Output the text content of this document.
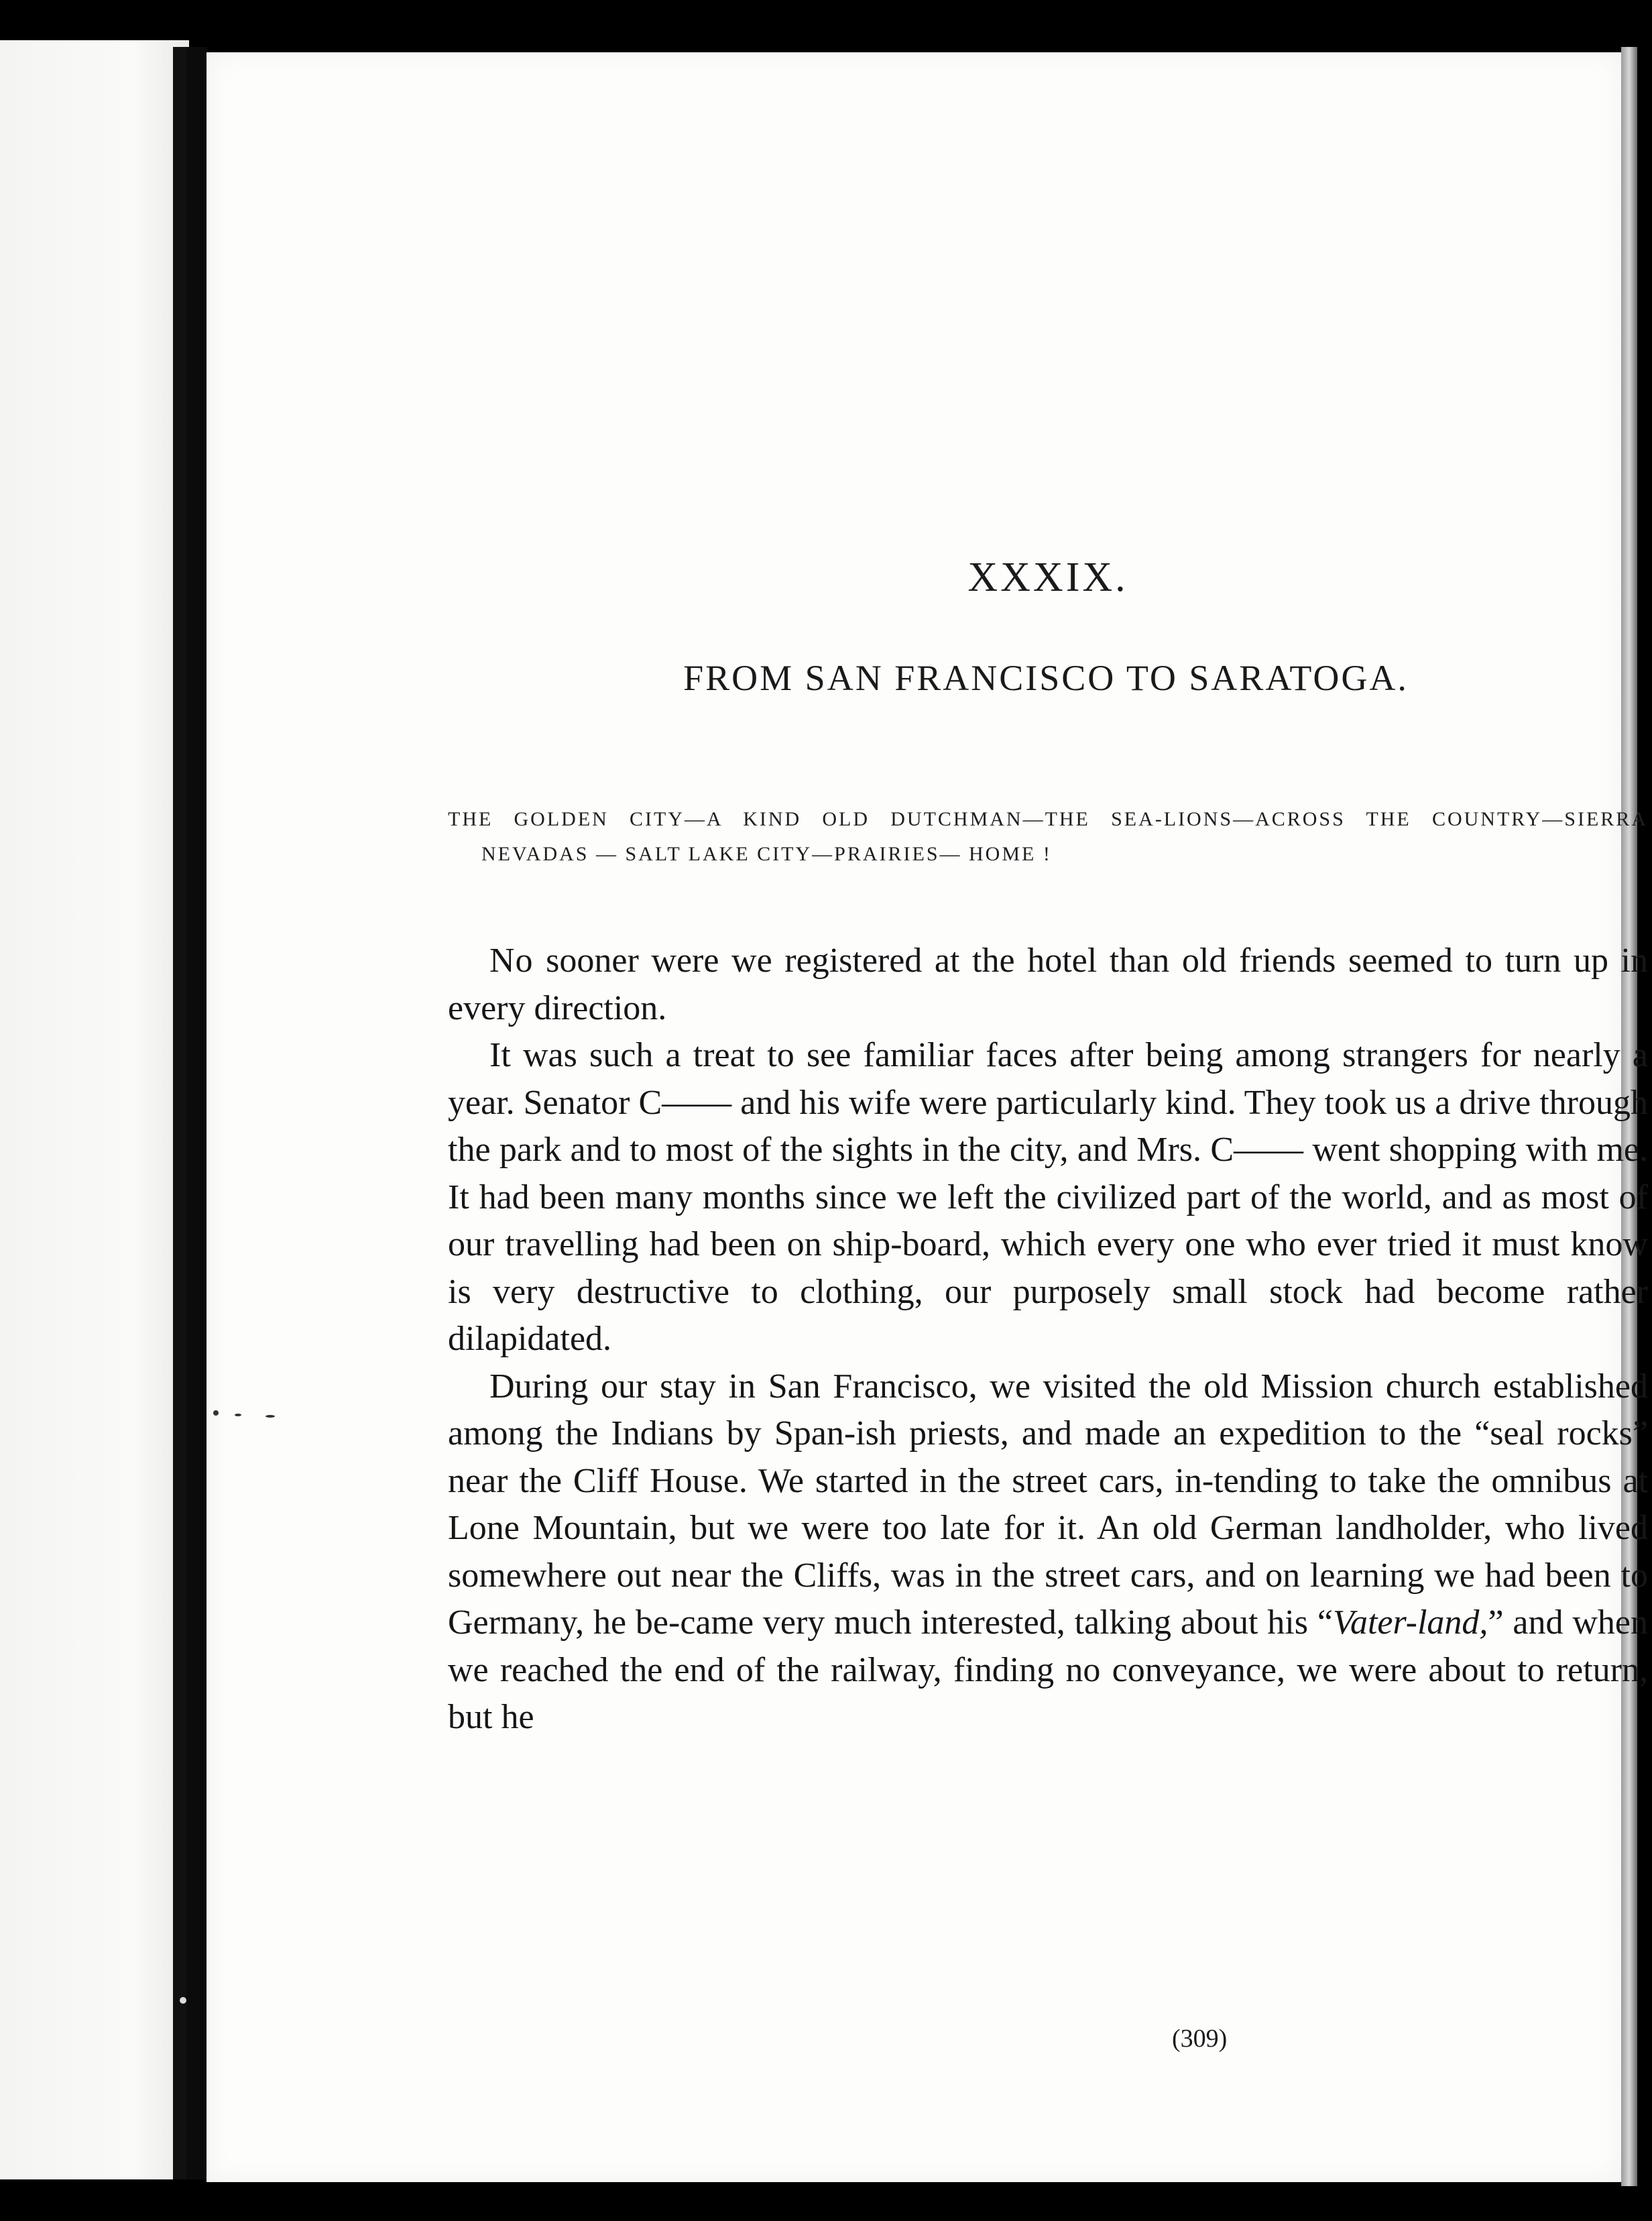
XXXIX.
FROM SAN FRANCISCO TO SARATOGA.
THE GOLDEN CITY—A KIND OLD DUTCHMAN—THE SEA-LIONS—ACROSS THE COUNTRY—SIERRA NEVADAS — SALT LAKE CITY—PRAIRIES— HOME !

No sooner were we registered at the hotel than old friends seemed to turn up in every direction.

It was such a treat to see familiar faces after being among strangers for nearly a year. Senator C—— and his wife were particularly kind. They took us a drive through the park and to most of the sights in the city, and Mrs. C—— went shopping with me. It had been many months since we left the civilized part of the world, and as most of our travelling had been on ship-board, which every one who ever tried it must know is very destructive to clothing, our purposely small stock had become rather dilapidated.

During our stay in San Francisco, we visited the old Mission church established among the Indians by Span-ish priests, and made an expedition to the “seal rocks” near the Cliff House. We started in the street cars, in-tending to take the omnibus at Lone Mountain, but we were too late for it. An old German landholder, who lived somewhere out near the Cliffs, was in the street cars, and on learning we had been to Germany, he be-came very much interested, talking about his “Vater-land,” and when we reached the end of the railway, finding no conveyance, we were about to return, but he

(309)
